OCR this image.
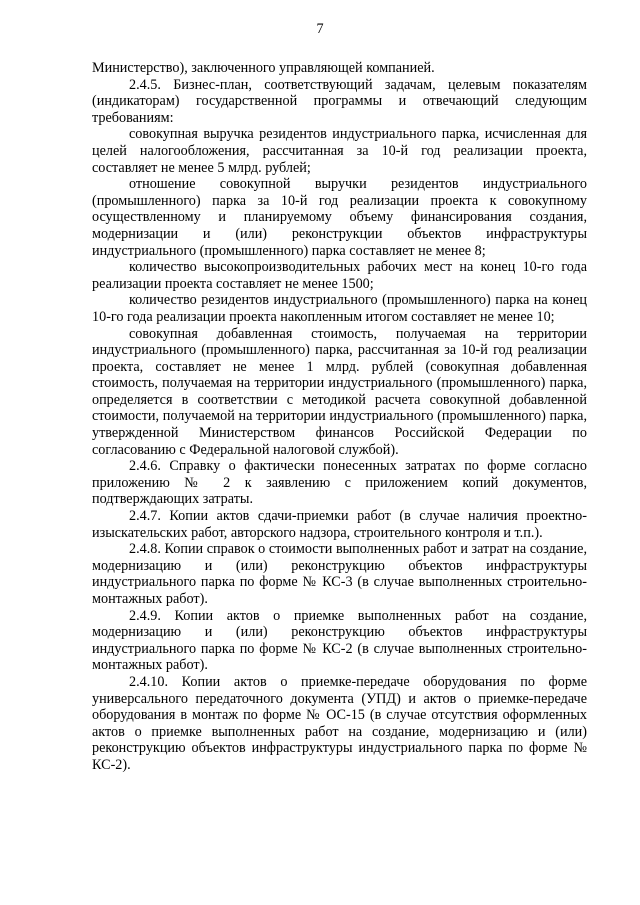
7

Министерство), заключенного управляющей компанией.

2.4.5. Бизнес-план, соответствующий задачам, целевым показателям (индикаторам) государственной программы и отвечающий следующим требованиям:

совокупная выручка резидентов индустриального парка, исчисленная для целей налогообложения, рассчитанная за 10-й год реализации проекта, составляет не менее 5 млрд. рублей;

отношение совокупной выручки резидентов индустриального (промышленного) парка за 10-й год реализации проекта к совокупному осуществленному и планируемому объему финансирования создания, модернизации и (или) реконструкции объектов инфраструктуры индустриального (промышленного) парка составляет не менее 8;

количество высокопроизводительных рабочих мест на конец 10-го года реализации проекта составляет не менее 1500;

количество резидентов индустриального (промышленного) парка на конец 10-го года реализации проекта накопленным итогом составляет не менее 10;

совокупная добавленная стоимость, получаемая на территории индустриального (промышленного) парка, рассчитанная за 10-й год реализации проекта, составляет не менее 1 млрд. рублей (совокупная добавленная стоимость, получаемая на территории индустриального (промышленного) парка, определяется в соответствии с методикой расчета совокупной добавленной стоимости, получаемой на территории индустриального (промышленного) парка, утвержденной Министерством финансов Российской Федерации по согласованию с Федеральной налоговой службой).

2.4.6. Справку о фактически понесенных затратах по форме согласно приложению № 2 к заявлению с приложением копий документов, подтверждающих затраты.

2.4.7. Копии актов сдачи-приемки работ (в случае наличия проектно-изыскательских работ, авторского надзора, строительного контроля и т.п.).

2.4.8. Копии справок о стоимости выполненных работ и затрат на создание, модернизацию и (или) реконструкцию объектов инфраструктуры индустриального парка по форме № КС-3 (в случае выполненных строительно-монтажных работ).

2.4.9. Копии актов о приемке выполненных работ на создание, модернизацию и (или) реконструкцию объектов инфраструктуры индустриального парка по форме № КС-2 (в случае выполненных строительно-монтажных работ).

2.4.10. Копии актов о приемке-передаче оборудования по форме универсального передаточного документа (УПД) и актов о приемке-передаче оборудования в монтаж по форме № ОС-15 (в случае отсутствия оформленных актов о приемке выполненных работ на создание, модернизацию и (или) реконструкцию объектов инфраструктуры индустриального парка по форме № КС-2).
